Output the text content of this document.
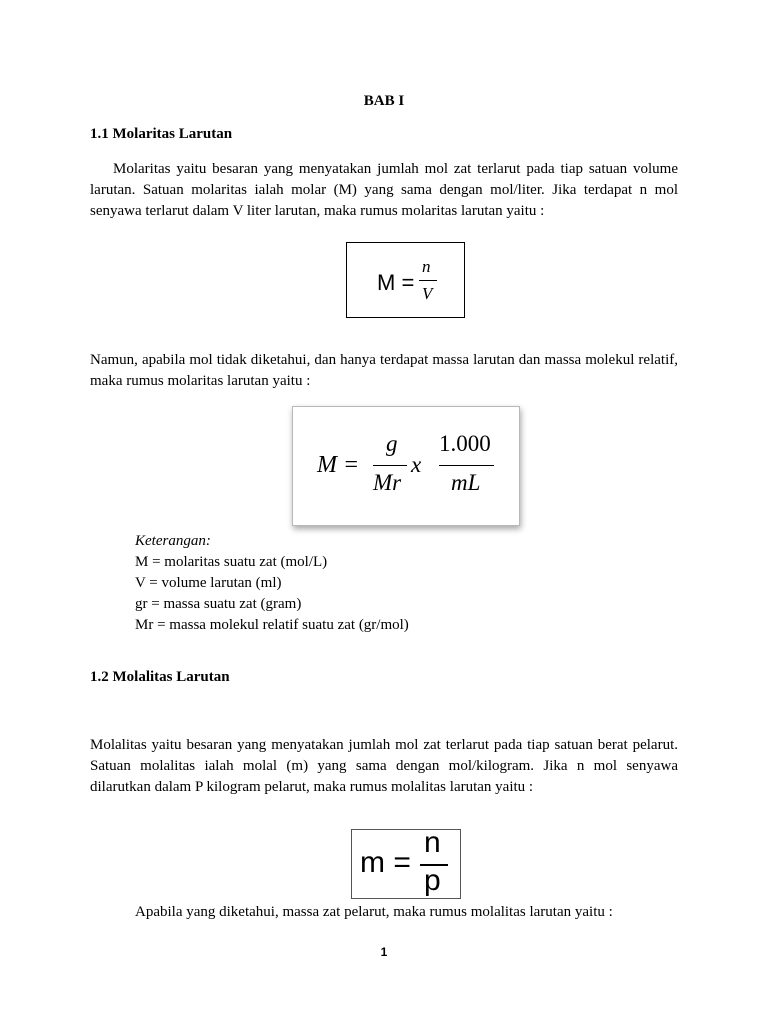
BAB I
1.1 Molaritas Larutan
Molaritas yaitu besaran yang menyatakan jumlah mol zat terlarut pada tiap satuan volume
larutan. Satuan molaritas ialah molar (M) yang sama dengan mol/liter. Jika terdapat n mol
senyawa terlarut dalam V liter larutan, maka rumus molaritas larutan yaitu :
M =
n
V
Namun, apabila mol tidak diketahui, dan hanya terdapat massa larutan dan massa molekul relatif,
maka rumus molaritas larutan yaitu :
M =
g
Mr
x
1.000
mL
Keterangan:
M = molaritas suatu zat (mol/L)
V = volume larutan (ml)
gr = massa suatu zat (gram)
Mr = massa molekul relatif suatu zat (gr/mol)
1.2 Molalitas Larutan
Molalitas yaitu besaran yang menyatakan jumlah mol zat terlarut pada tiap satuan berat pelarut.
Satuan molalitas ialah molal (m) yang sama dengan mol/kilogram. Jika n mol senyawa
dilarutkan dalam P kilogram pelarut, maka rumus molalitas larutan yaitu :
m =
n
p
Apabila yang diketahui, massa zat pelarut, maka rumus molalitas larutan yaitu :
1
